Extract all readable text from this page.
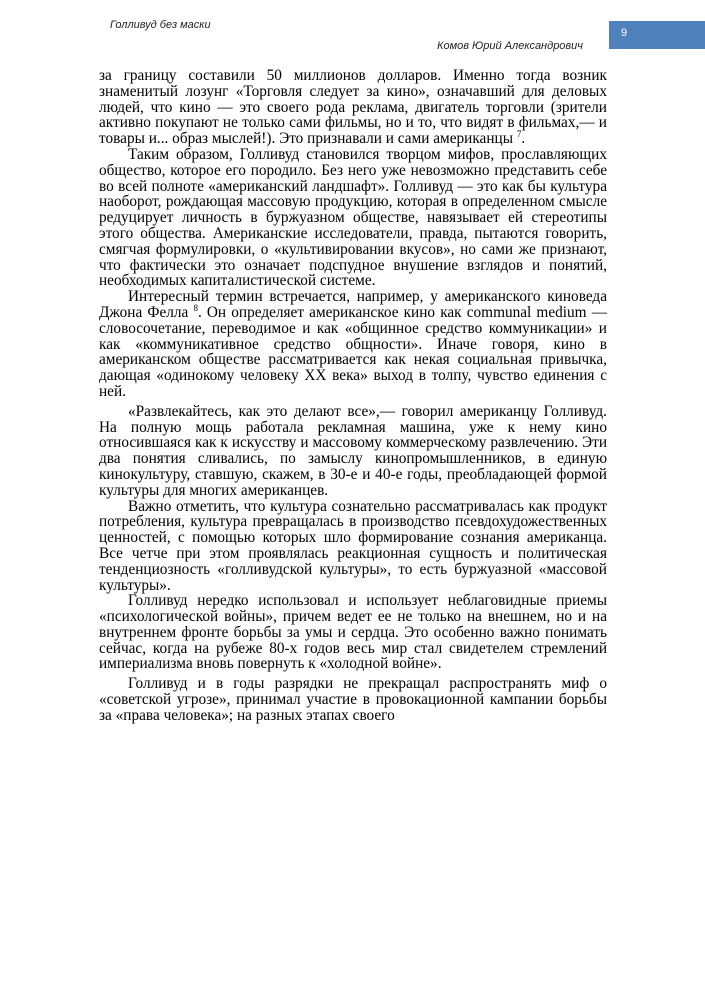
Голливуд без маски
Комов Юрий Александрович
9

за границу составили 50 миллионов долларов. Именно тогда возник знаменитый лозунг «Торговля следует за кино», означавший для деловых людей, что кино — это своего рода реклама, двигатель торговли (зрители активно покупают не только сами фильмы, но и то, что видят в фильмах,— и товары и... образ мыслей!). Это признавали и сами американцы $^7$.

Таким образом, Голливуд становился творцом мифов, прославляющих общество, которое его породило. Без него уже невозможно представить себе во всей полноте «американский ландшафт». Голливуд — это как бы культура наоборот, рождающая массовую продукцию, которая в определенном смысле редуцирует личность в буржуазном обществе, навязывает ей стереотипы этого общества. Американские исследователи, правда, пытаются говорить, смягчая формулировки, о «культивировании вкусов», но сами же признают, что фактически это означает подспудное внушение взглядов и понятий, необходимых капиталистической системе.

Интересный термин встречается, например, у американского киноведа Джона Фелла $^8$. Он определяет американское кино как communal medium — словосочетание, переводимое и как «общинное средство коммуникации» и как «коммуникативное средство общности». Иначе говоря, кино в американском обществе рассматривается как некая социальная привычка, дающая «одинокому человеку XX века» выход в толпу, чувство единения с ней.

«Развлекайтесь, как это делают все»,— говорил американцу Голливуд. На полную мощь работала рекламная машина, уже к нему кино относившаяся как к искусству и массовому коммерческому развлечению. Эти два понятия сливались, по замыслу кинопромышленников, в единую кинокультуру, ставшую, скажем, в 30-е и 40-е годы, преобладающей формой культуры для многих американцев.

Важно отметить, что культура сознательно рассматривалась как продукт потребления, культура превращалась в производство псевдохудожественных ценностей, с помощью которых шло формирование сознания американца. Все четче при этом проявлялась реакционная сущность и политическая тенденциозность «голливудской культуры», то есть буржуазной «массовой культуры».

Голливуд нередко использовал и использует неблаговидные приемы «психологической войны», причем ведет ее не только на внешнем, но и на внутреннем фронте борьбы за умы и сердца. Это особенно важно понимать сейчас, когда на рубеже 80-х годов весь мир стал свидетелем стремлений империализма вновь повернуть к «холодной войне».

Голливуд и в годы разрядки не прекращал распространять миф о «советской угрозе», принимал участие в провокационной кампании борьбы за «права человека»; на разных этапах своего
